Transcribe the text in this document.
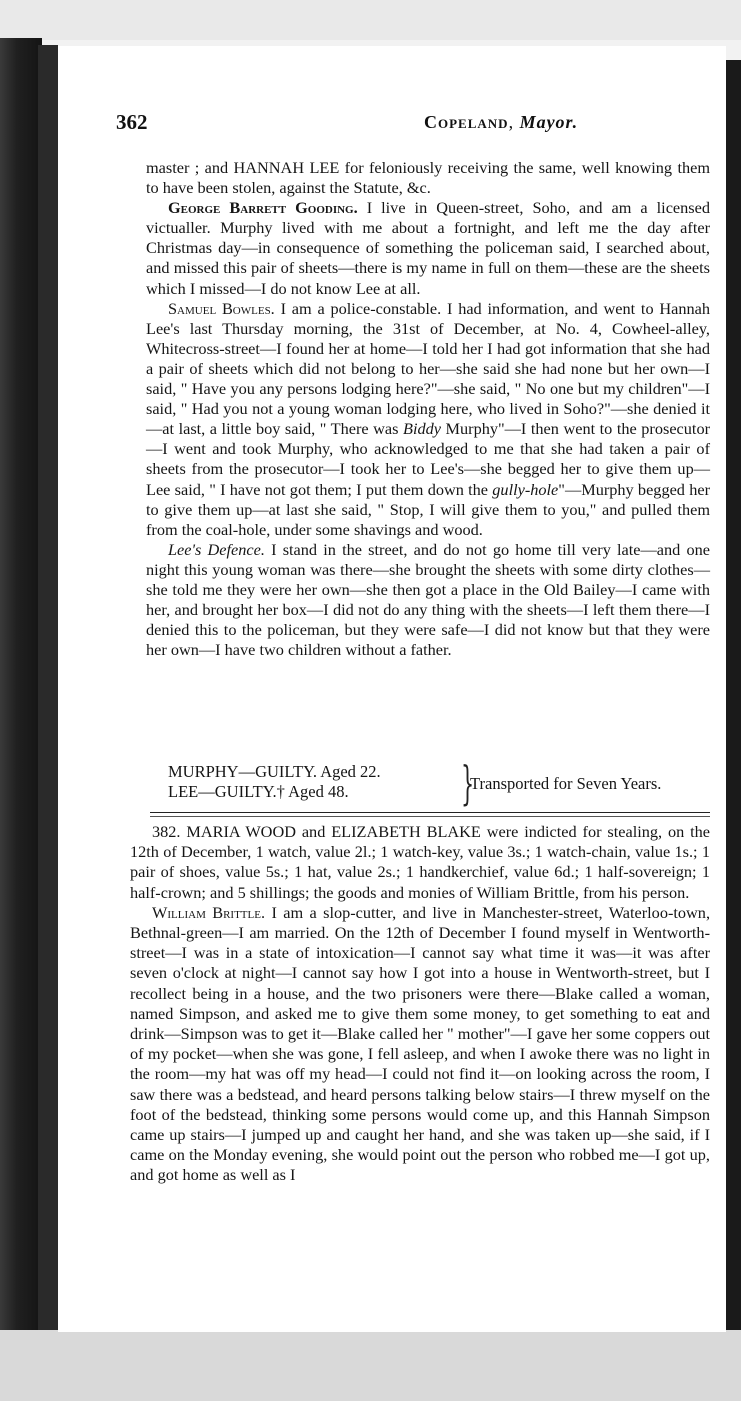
362	Copeland, Mayor.

master ; and HANNAH LEE for feloniously receiving the same, well knowing them to have been stolen, against the Statute, &c.

George Barrett Gooding. I live in Queen-street, Soho, and am a licensed victualler. Murphy lived with me about a fortnight, and left me the day after Christmas day—in consequence of something the policeman said, I searched about, and missed this pair of sheets—there is my name in full on them—these are the sheets which I missed—I do not know Lee at all.

Samuel Bowles. I am a police-constable. I had information, and went to Hannah Lee's last Thursday morning, the 31st of December, at No. 4, Cowheel-alley, Whitecross-street—I found her at home—I told her I had got information that she had a pair of sheets which did not belong to her—she said she had none but her own—I said, " Have you any persons lodging here?"—she said, " No one but my children"—I said, " Had you not a young woman lodging here, who lived in Soho?"—she denied it—at last, a little boy said, " There was Biddy Murphy"—I then went to the prosecutor—I went and took Murphy, who acknowledged to me that she had taken a pair of sheets from the prosecutor—I took her to Lee's—she begged her to give them up—Lee said, " I have not got them; I put them down the gully-hole"—Murphy begged her to give them up—at last she said, " Stop, I will give them to you," and pulled them from the coal-hole, under some shavings and wood.

Lee's Defence. I stand in the street, and do not go home till very late—and one night this young woman was there—she brought the sheets with some dirty clothes—she told me they were her own—she then got a place in the Old Bailey—I came with her, and brought her box—I did not do any thing with the sheets—I left them there—I denied this to the policeman, but they were safe—I did not know but that they were her own—I have two children without a father.

MURPHY—GUILTY. Aged 22.
LEE—GUILTY.† Aged 48.	}
Transported for Seven Years.

382. MARIA WOOD and ELIZABETH BLAKE were indicted for stealing, on the 12th of December, 1 watch, value 2l.; 1 watch-key, value 3s.; 1 watch-chain, value 1s.; 1 pair of shoes, value 5s.; 1 hat, value 2s.; 1 handkerchief, value 6d.; 1 half-sovereign; 1 half-crown; and 5 shillings; the goods and monies of William Brittle, from his person.

William Brittle. I am a slop-cutter, and live in Manchester-street, Waterloo-town, Bethnal-green—I am married. On the 12th of December I found myself in Wentworth-street—I was in a state of intoxication—I cannot say what time it was—it was after seven o'clock at night—I cannot say how I got into a house in Wentworth-street, but I recollect being in a house, and the two prisoners were there—Blake called a woman, named Simpson, and asked me to give them some money, to get something to eat and drink—Simpson was to get it—Blake called her " mother"—I gave her some coppers out of my pocket—when she was gone, I fell asleep, and when I awoke there was no light in the room—my hat was off my head—I could not find it—on looking across the room, I saw there was a bedstead, and heard persons talking below stairs—I threw myself on the foot of the bedstead, thinking some persons would come up, and this Hannah Simpson came up stairs—I jumped up and caught her hand, and she was taken up—she said, if I came on the Monday evening, she would point out the person who robbed me—I got up, and got home as well as I
